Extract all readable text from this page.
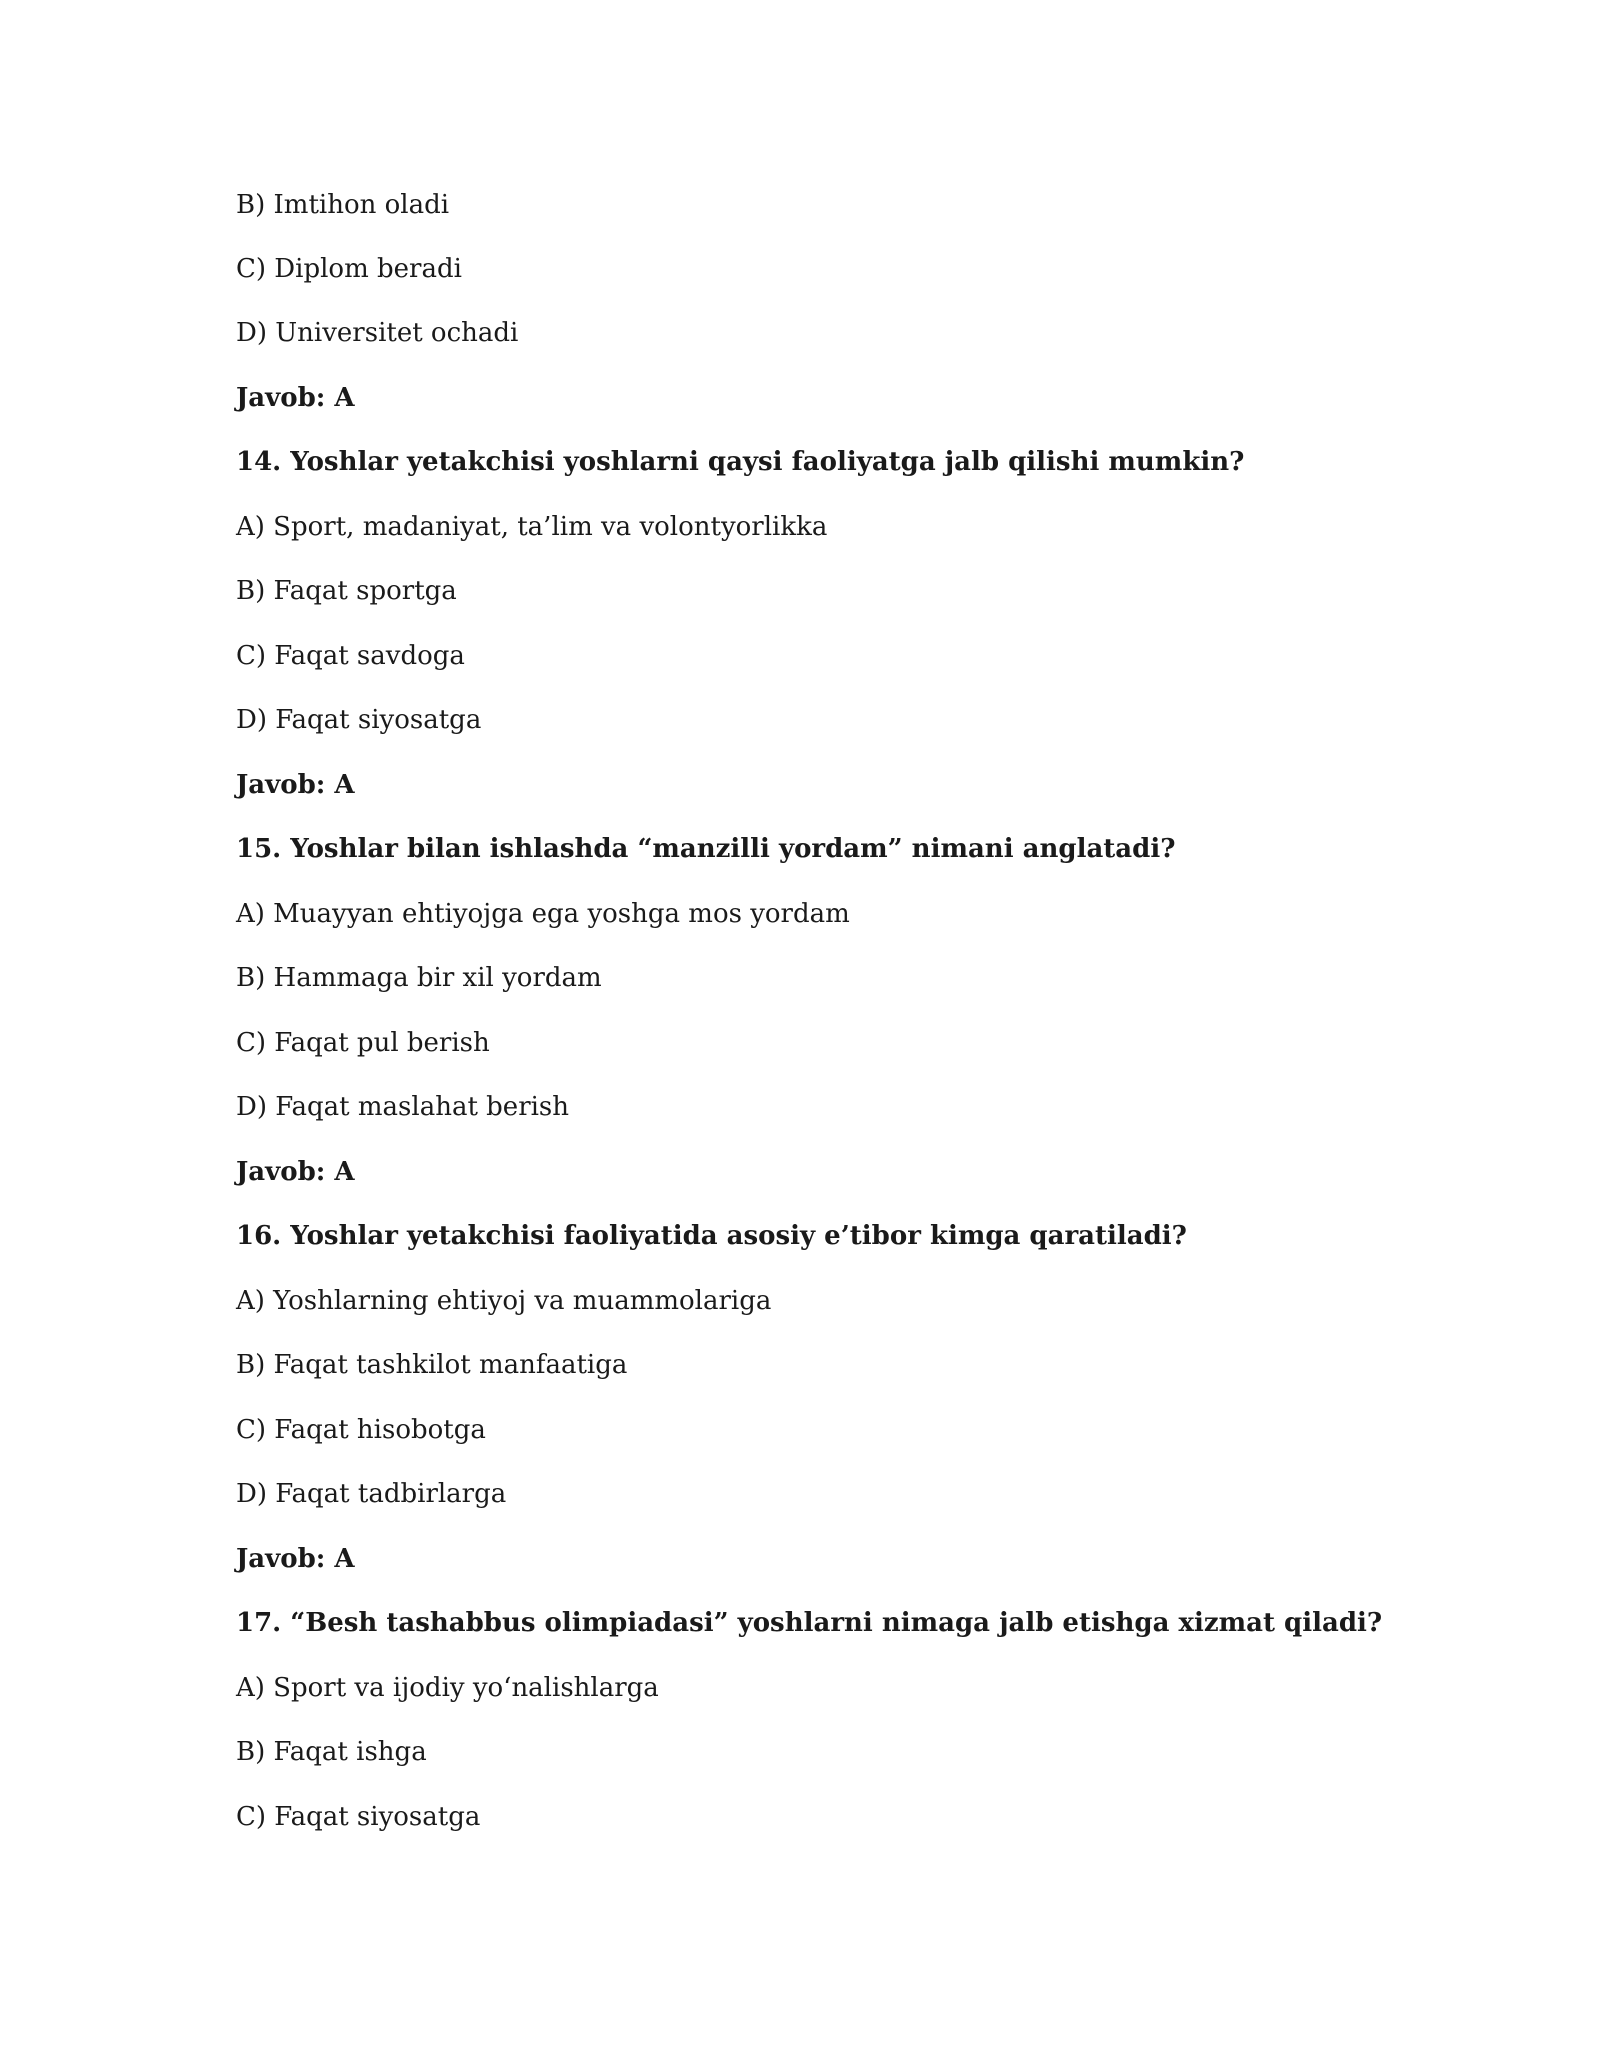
B) Imtihon oladi
C) Diplom beradi
D) Universitet ochadi
Javob: A
14. Yoshlar yetakchisi yoshlarni qaysi faoliyatga jalb qilishi mumkin?
A) Sport, madaniyat, ta’lim va volontyorlikka
B) Faqat sportga
C) Faqat savdoga
D) Faqat siyosatga
Javob: A
15. Yoshlar bilan ishlashda “manzilli yordam” nimani anglatadi?
A) Muayyan ehtiyojga ega yoshga mos yordam
B) Hammaga bir xil yordam
C) Faqat pul berish
D) Faqat maslahat berish
Javob: A
16. Yoshlar yetakchisi faoliyatida asosiy e’tibor kimga qaratiladi?
A) Yoshlarning ehtiyoj va muammolariga
B) Faqat tashkilot manfaatiga
C) Faqat hisobotga
D) Faqat tadbirlarga
Javob: A
17. “Besh tashabbus olimpiadasi” yoshlarni nimaga jalb etishga xizmat qiladi?
A) Sport va ijodiy yo‘nalishlarga
B) Faqat ishga
C) Faqat siyosatga
